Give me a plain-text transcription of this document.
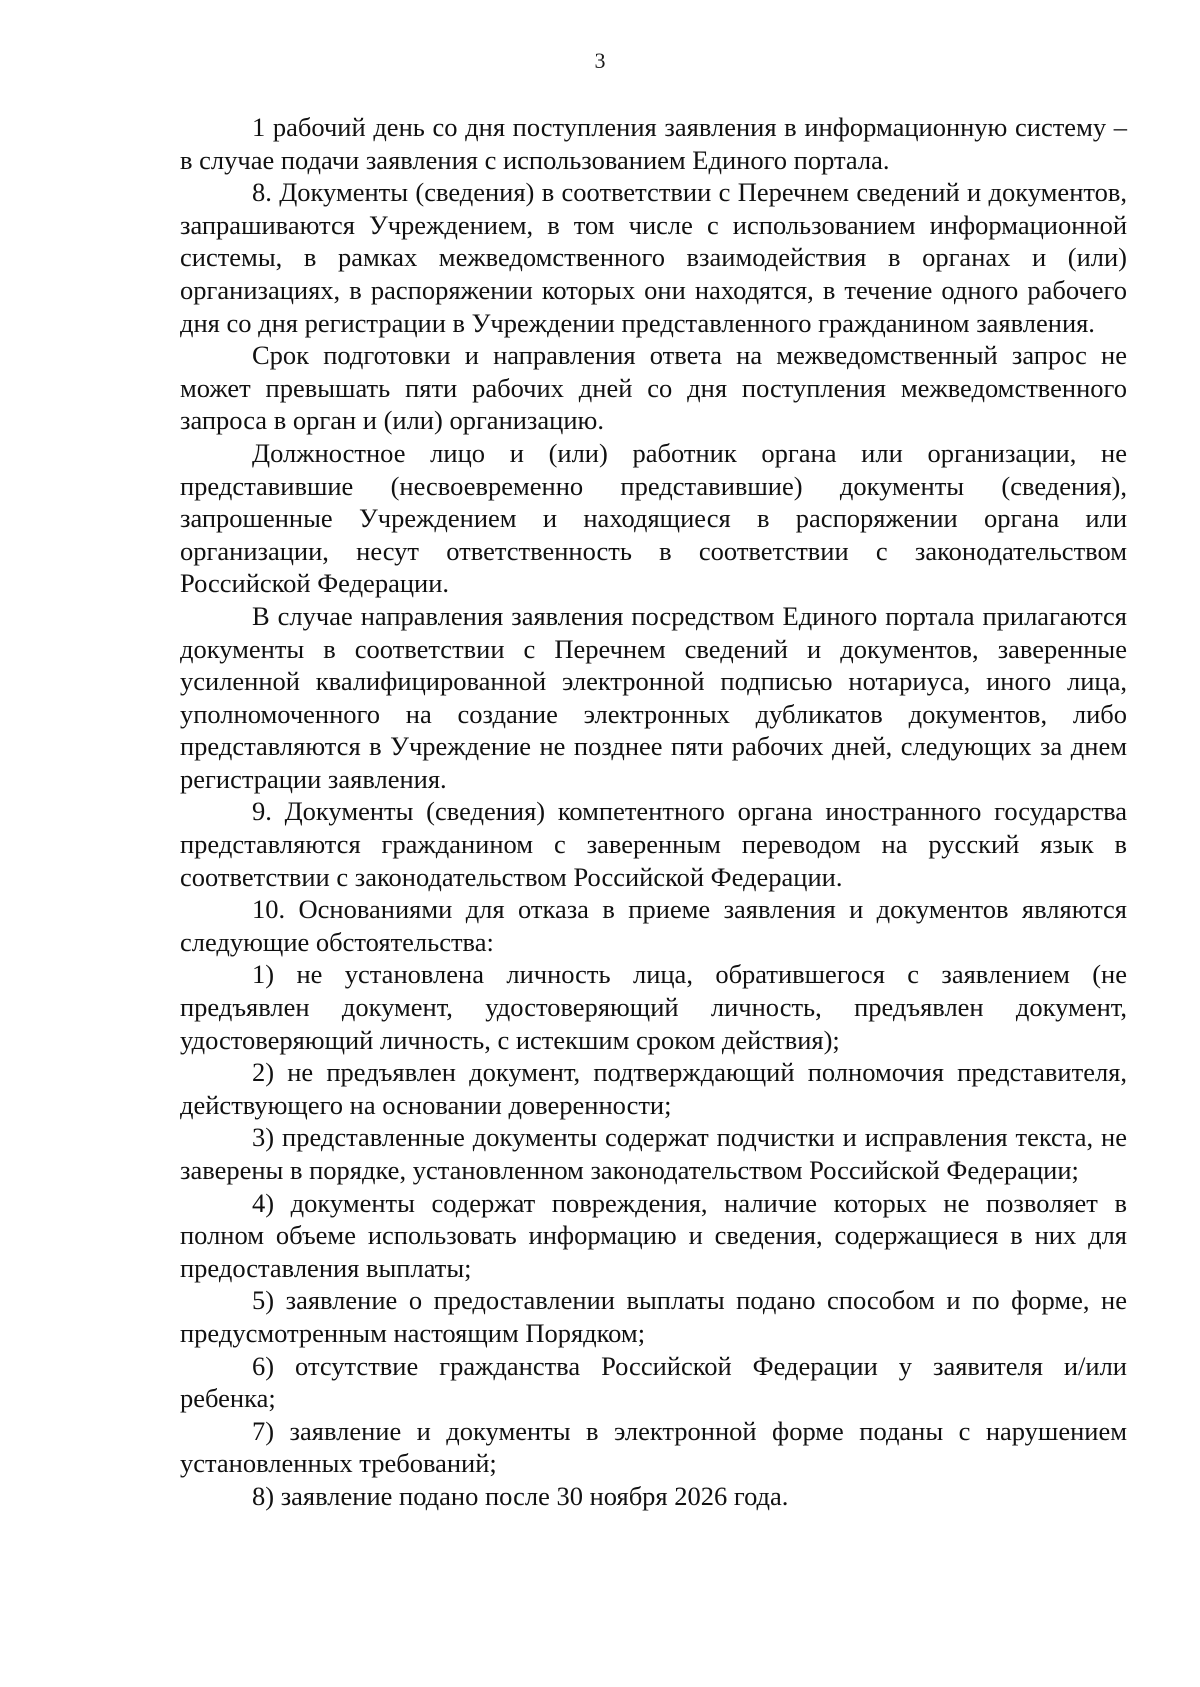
3

1 рабочий день со дня поступления заявления в информационную систему – в случае подачи заявления с использованием Единого портала.

8. Документы (сведения) в соответствии с Перечнем сведений и документов, запрашиваются Учреждением, в том числе с использованием информационной системы, в рамках межведомственного взаимодействия в органах и (или) организациях, в распоряжении которых они находятся, в течение одного рабочего дня со дня регистрации в Учреждении представленного гражданином заявления.

Срок подготовки и направления ответа на межведомственный запрос не может превышать пяти рабочих дней со дня поступления межведомственного запроса в орган и (или) организацию.

Должностное лицо и (или) работник органа или организации, не представившие (несвоевременно представившие) документы (сведения), запрошенные Учреждением и находящиеся в распоряжении органа или организации, несут ответственность в соответствии с законодательством Российской Федерации.

В случае направления заявления посредством Единого портала прилагаются документы в соответствии с Перечнем сведений и документов, заверенные усиленной квалифицированной электронной подписью нотариуса, иного лица, уполномоченного на создание электронных дубликатов документов, либо представляются в Учреждение не позднее пяти рабочих дней, следующих за днем регистрации заявления.

9. Документы (сведения) компетентного органа иностранного государства представляются гражданином с заверенным переводом на русский язык в соответствии с законодательством Российской Федерации.

10. Основаниями для отказа в приеме заявления и документов являются следующие обстоятельства:

1) не установлена личность лица, обратившегося с заявлением (не предъявлен документ, удостоверяющий личность, предъявлен документ, удостоверяющий личность, с истекшим сроком действия);

2) не предъявлен документ, подтверждающий полномочия представителя, действующего на основании доверенности;

3) представленные документы содержат подчистки и исправления текста, не заверены в порядке, установленном законодательством Российской Федерации;

4) документы содержат повреждения, наличие которых не позволяет в полном объеме использовать информацию и сведения, содержащиеся в них для предоставления выплаты;

5) заявление о предоставлении выплаты подано способом и по форме, не предусмотренным настоящим Порядком;

6) отсутствие гражданства Российской Федерации у заявителя и/или ребенка;

7) заявление и документы в электронной форме поданы с нарушением установленных требований;

8) заявление подано после 30 ноября 2026 года.
